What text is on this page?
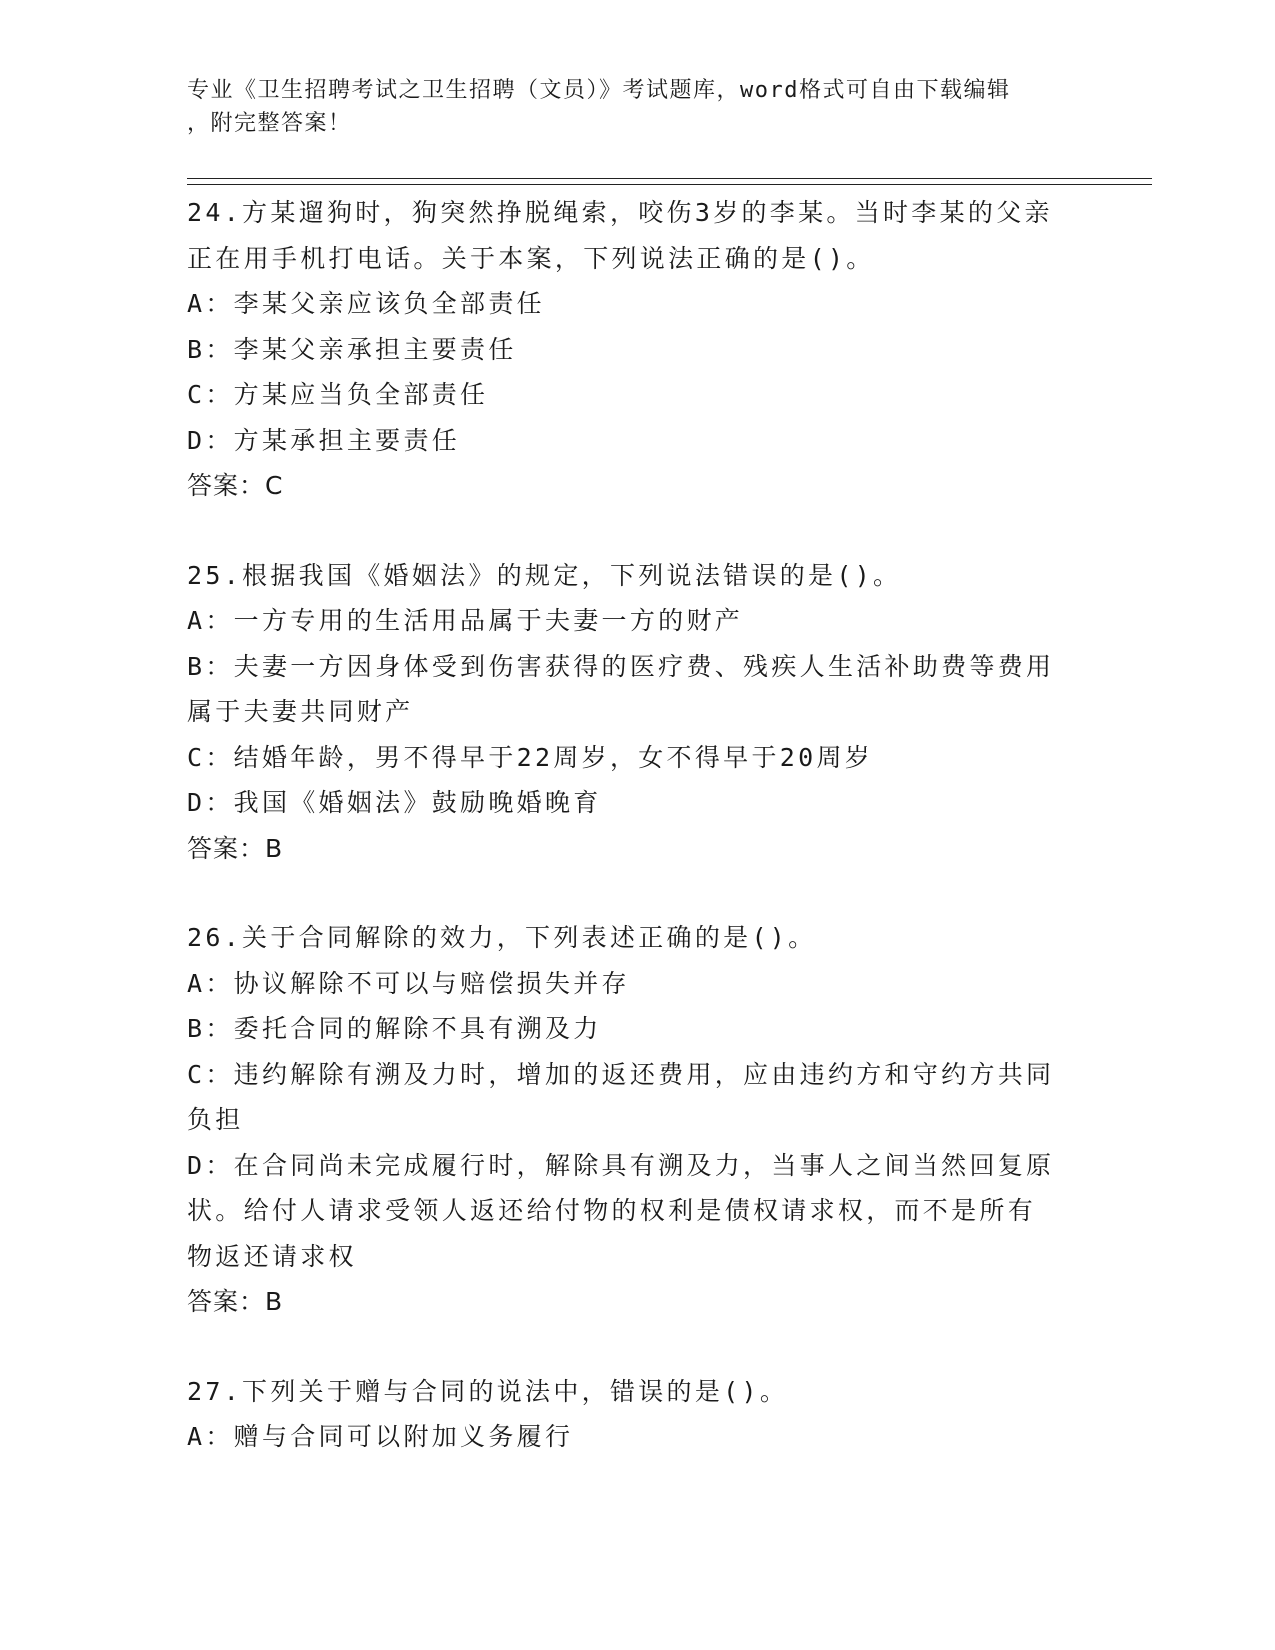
专业《卫生招聘考试之卫生招聘（文员）》考试题库，word格式可自由下载编辑
，附完整答案！
24.方某遛狗时，狗突然挣脱绳索，咬伤3岁的李某。当时李某的父亲
正在用手机打电话。关于本案，下列说法正确的是()。
A：李某父亲应该负全部责任
B：李某父亲承担主要责任
C：方某应当负全部责任
D：方某承担主要责任
答案：C
25.根据我国《婚姻法》的规定，下列说法错误的是()。
A：一方专用的生活用品属于夫妻一方的财产
B：夫妻一方因身体受到伤害获得的医疗费、残疾人生活补助费等费用
属于夫妻共同财产
C：结婚年龄，男不得早于22周岁，女不得早于20周岁
D：我国《婚姻法》鼓励晚婚晚育
答案：B
26.关于合同解除的效力，下列表述正确的是()。
A：协议解除不可以与赔偿损失并存
B：委托合同的解除不具有溯及力
C：违约解除有溯及力时，增加的返还费用，应由违约方和守约方共同
负担
D：在合同尚未完成履行时，解除具有溯及力，当事人之间当然回复原
状。给付人请求受领人返还给付物的权利是债权请求权，而不是所有
物返还请求权
答案：B
27.下列关于赠与合同的说法中，错误的是()。
A：赠与合同可以附加义务履行
